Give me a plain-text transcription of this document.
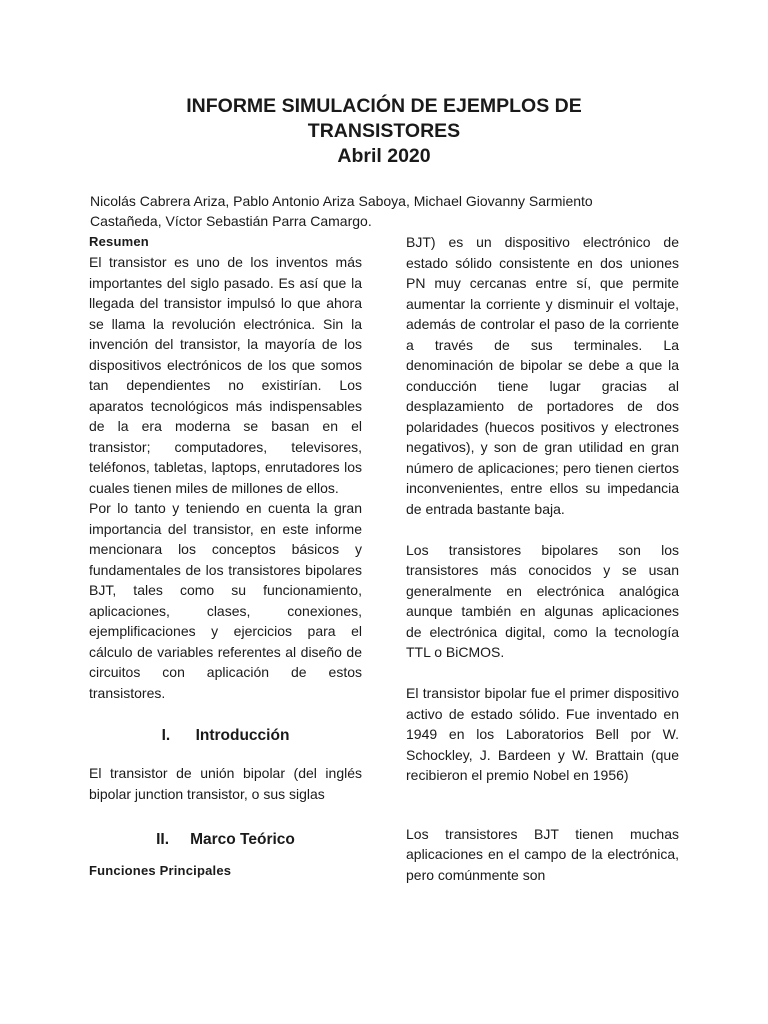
INFORME SIMULACIÓN DE EJEMPLOS DE
TRANSISTORES
Abril 2020
Nicolás Cabrera Ariza, Pablo Antonio Ariza Saboya, Michael Giovanny Sarmiento
Castañeda, Víctor Sebastián Parra Camargo.

Resumen

El transistor es uno de los inventos más importantes del siglo pasado. Es así que la llegada del transistor impulsó lo que ahora se llama la revolución electrónica. Sin la invención del transistor, la mayoría de los dispositivos electrónicos de los que somos tan dependientes no existirían. Los aparatos tecnológicos más indispensables de la era moderna se basan en el transistor; computadores, televisores, teléfonos, tabletas, laptops, enrutadores los cuales tienen miles de millones de ellos.

Por lo tanto y teniendo en cuenta la gran importancia del transistor, en este informe mencionara los conceptos básicos y fundamentales de los transistores bipolares BJT, tales como su funcionamiento, aplicaciones, clases, conexiones, ejemplificaciones y ejercicios para el cálculo de variables referentes al diseño de circuitos con aplicación de estos transistores.

I.	Introducción

El transistor de unión bipolar (del inglés bipolar junction transistor, o sus siglas

II.	Marco Teórico

Funciones Principales

BJT) es un dispositivo electrónico de estado sólido consistente en dos uniones PN muy cercanas entre sí, que permite aumentar la corriente y disminuir el voltaje, además de controlar el paso de la corriente a través de sus terminales. La denominación de bipolar se debe a que la conducción tiene lugar gracias al desplazamiento de portadores de dos polaridades (huecos positivos y electrones negativos), y son de gran utilidad en gran número de aplicaciones; pero tienen ciertos inconvenientes, entre ellos su impedancia de entrada bastante baja.

Los transistores bipolares son los transistores más conocidos y se usan generalmente en electrónica analógica aunque también en algunas aplicaciones de electrónica digital, como la tecnología TTL o BiCMOS.

El transistor bipolar fue el primer dispositivo activo de estado sólido. Fue inventado en 1949 en los Laboratorios Bell por W. Schockley, J. Bardeen y W. Brattain (que recibieron el premio Nobel en 1956)

Los transistores BJT tienen muchas aplicaciones en el campo de la electrónica, pero comúnmente son
